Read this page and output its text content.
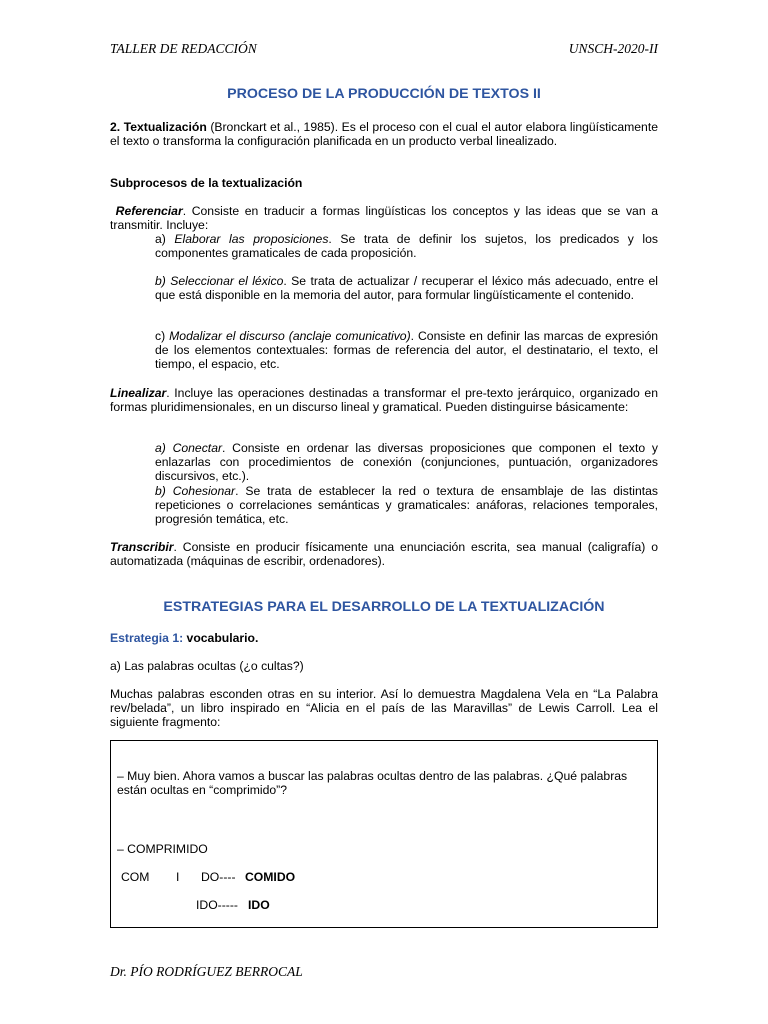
TALLER DE REDACCIÓN	UNSCH-2020-II
PROCESO DE LA PRODUCCIÓN DE TEXTOS II
2. Textualización (Bronckart et al., 1985). Es el proceso con el cual el autor elabora lingüísticamente el texto o transforma la configuración planificada en un producto verbal linealizado.
Subprocesos de la textualización
Referenciar. Consiste en traducir a formas lingüísticas los conceptos y las ideas que se van a transmitir. Incluye:
a) Elaborar las proposiciones. Se trata de definir los sujetos, los predicados y los componentes gramaticales de cada proposición.
b) Seleccionar el léxico. Se trata de actualizar / recuperar el léxico más adecuado, entre el que está disponible en la memoria del autor, para formular lingüísticamente el contenido.
c) Modalizar el discurso (anclaje comunicativo). Consiste en definir las marcas de expresión de los elementos contextuales: formas de referencia del autor, el destinatario, el texto, el tiempo, el espacio, etc.
Linealizar. Incluye las operaciones destinadas a transformar el pre-texto jerárquico, organizado en formas pluridimensionales, en un discurso lineal y gramatical. Pueden distinguirse básicamente:
a) Conectar. Consiste en ordenar las diversas proposiciones que componen el texto y enlazarlas con procedimientos de conexión (conjunciones, puntuación, organizadores discursivos, etc.).
b) Cohesionar. Se trata de establecer la red o textura de ensamblaje de las distintas repeticiones o correlaciones semánticas y gramaticales: anáforas, relaciones temporales, progresión temática, etc.
Transcribir. Consiste en producir físicamente una enunciación escrita, sea manual (caligrafía) o automatizada (máquinas de escribir, ordenadores).
ESTRATEGIAS PARA EL DESARROLLO DE LA TEXTUALIZACIÓN
Estrategia 1: vocabulario.
a) Las palabras ocultas (¿o cultas?)
Muchas palabras esconden otras en su interior. Así lo demuestra Magdalena Vela en “La Palabra rev/belada”, un libro inspirado en “Alicia en el país de las Maravillas” de Lewis Carroll. Lea el siguiente fragmento:
– Muy bien. Ahora vamos a buscar las palabras ocultas dentro de las palabras. ¿Qué palabras están ocultas en “comprimido”?
– COMPRIMIDO
COM I DO---- COMIDO
IDO----- IDO
Dr. PÍO RODRÍGUEZ BERROCAL
